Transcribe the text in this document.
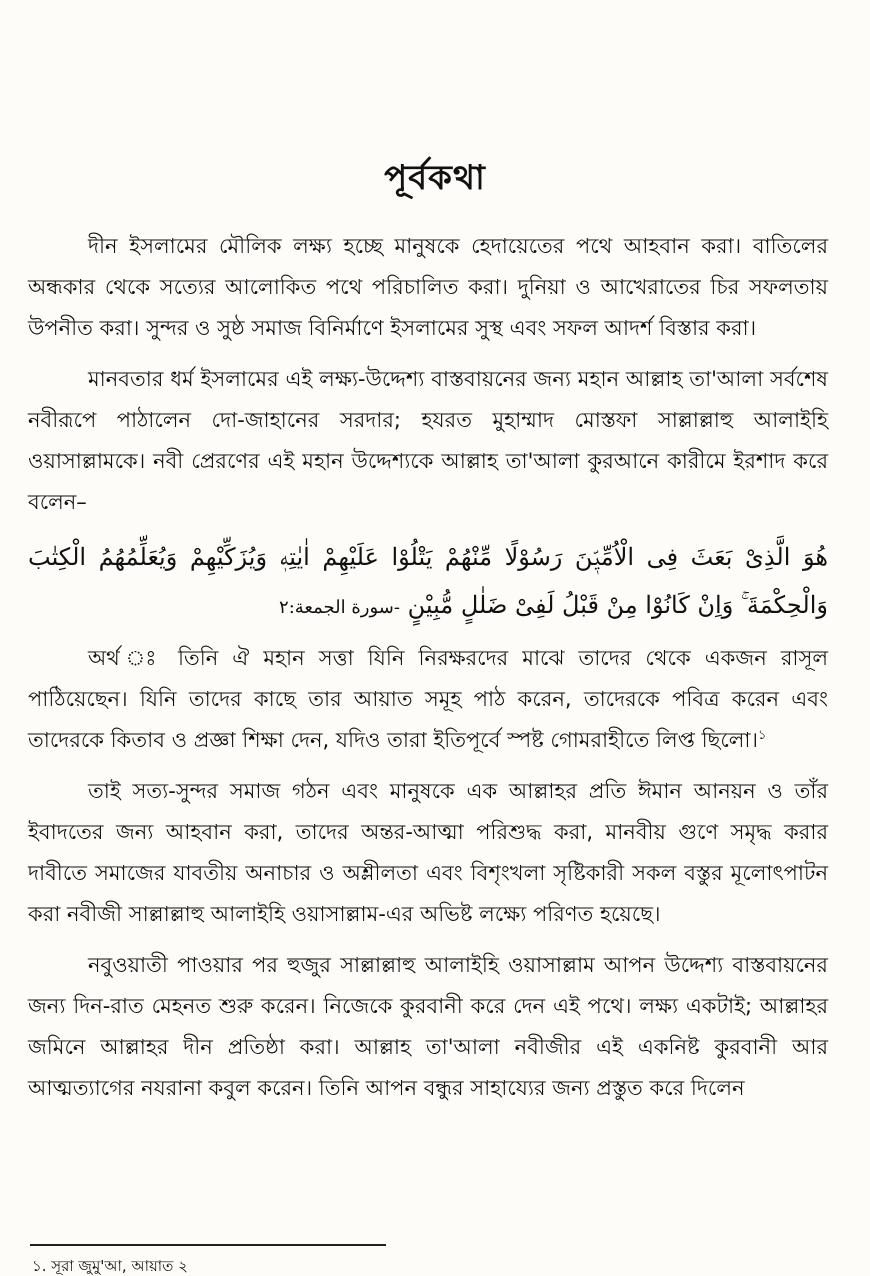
পূর্বকথা

দীন ইসলামের মৌলিক লক্ষ্য হচ্ছে মানুষকে হেদায়েতের পথে আহবান করা। বাতিলের অন্ধকার থেকে সত্যের আলোকিত পথে পরিচালিত করা। দুনিয়া ও আখেরাতের চির সফলতায় উপনীত করা। সুন্দর ও সুষ্ঠ সমাজ বিনির্মাণে ইসলামের সুস্থ এবং সফল আদর্শ বিস্তার করা।

মানবতার ধর্ম ইসলামের এই লক্ষ্য-উদ্দেশ্য বাস্তবায়নের জন্য মহান আল্লাহ তা'আলা সর্বশেষ নবীরূপে পাঠালেন দো-জাহানের সরদার; হযরত মুহাম্মাদ মোস্তফা সাল্লাল্লাহু আলাইহি ওয়াসাল্লামকে। নবী প্রেরণের এই মহান উদ্দেশ্যকে আল্লাহ তা'আলা কুরআনে কারীমে ইরশাদ করে বলেন–

هُوَ الَّذِىْ بَعَثَ فِى الْاُمِّيّٖنَ رَسُوْلًا مِّنْهُمْ يَتْلُوْا عَلَيْهِمْ اٰيٰتِهٖ وَيُزَكِّيْهِمْ وَيُعَلِّمُهُمُ الْكِتٰبَ وَالْحِكْمَةَ ۚ وَاِنْ كَانُوْا مِنْ قَبْلُ لَفِىْ ضَلٰلٍ مُّبِيْنٍ -سورة الجمعة:٢

অর্থ ঃ তিনি ঐ মহান সত্তা যিনি নিরক্ষরদের মাঝে তাদের থেকে একজন রাসূল পাঠিয়েছেন। যিনি তাদের কাছে তার আয়াত সমূহ পাঠ করেন, তাদেরকে পবিত্র করেন এবং তাদেরকে কিতাব ও প্রজ্ঞা শিক্ষা দেন, যদিও তারা ইতিপূর্বে স্পষ্ট গোমরাহীতে লিপ্ত ছিলো।$^১$

তাই সত্য-সুন্দর সমাজ গঠন এবং মানুষকে এক আল্লাহর প্রতি ঈমান আনয়ন ও তাঁর ইবাদতের জন্য আহবান করা, তাদের অন্তর-আত্মা পরিশুদ্ধ করা, মানবীয় গুণে সমৃদ্ধ করার দাবীতে সমাজের যাবতীয় অনাচার ও অশ্লীলতা এবং বিশৃংখলা সৃষ্টিকারী সকল বস্তুর মূলোৎপাটন করা নবীজী সাল্লাল্লাহু আলাইহি ওয়াসাল্লাম-এর অভিষ্ট লক্ষ্যে পরিণত হয়েছে।

নবুওয়াতী পাওয়ার পর হুজুর সাল্লাল্লাহু আলাইহি ওয়াসাল্লাম আপন উদ্দেশ্য বাস্তবায়নের জন্য দিন-রাত মেহনত শুরু করেন। নিজেকে কুরবানী করে দেন এই পথে। লক্ষ্য একটাই; আল্লাহর জমিনে আল্লাহর দীন প্রতিষ্ঠা করা। আল্লাহ তা'আলা নবীজীর এই একনিষ্ট কুরবানী আর আত্মত্যাগের নযরানা কবুল করেন। তিনি আপন বন্ধুর সাহায্যের জন্য প্রস্তুত করে দিলেন

১. সূরা জুমু'আ, আয়াত ২
